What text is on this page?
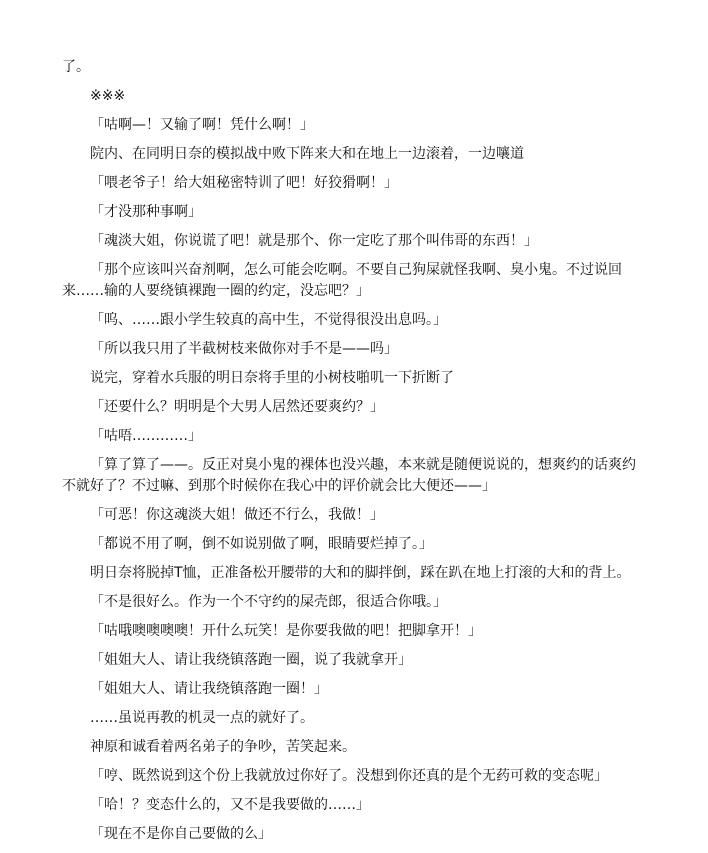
了。

※※※

「咕啊—！又输了啊！凭什么啊！」

院内、在同明日奈的模拟战中败下阵来大和在地上一边滚着，一边嚷道

「喂老爷子！给大姐秘密特训了吧！好狡猾啊！」

「才没那种事啊」

「魂淡大姐，你说谎了吧！就是那个、你一定吃了那个叫伟哥的东西！」

「那个应该叫兴奋剂啊，怎么可能会吃啊。不要自己狗屎就怪我啊、臭小鬼。不过说回来……输的人要绕镇裸跑一圈的约定，没忘吧？」

「呜、……跟小学生较真的高中生，不觉得很没出息吗。」

「所以我只用了半截树枝来做你对手不是——吗」

说完，穿着水兵服的明日奈将手里的小树枝啪叽一下折断了

「还要什么？明明是个大男人居然还要爽约？」

「咕唔…………」

「算了算了——。反正对臭小鬼的裸体也没兴趣，本来就是随便说说的，想爽约的话爽约不就好了？不过嘛、到那个时候你在我心中的评价就会比大便还——」

「可恶！你这魂淡大姐！做还不行么，我做！」

「都说不用了啊，倒不如说别做了啊，眼睛要烂掉了。」

明日奈将脱掉T恤，正准备松开腰带的大和的脚拌倒，踩在趴在地上打滚的大和的背上。

「不是很好么。作为一个不守约的屎壳郎，很适合你哦。」

「咕哦噢噢噢噢！开什么玩笑！是你要我做的吧！把脚拿开！」

「姐姐大人、请让我绕镇落跑一圈，说了我就拿开」

「姐姐大人、请让我绕镇落跑一圈！」

……虽说再教的机灵一点的就好了。

神原和诚看着两名弟子的争吵，苦笑起来。

「哼、既然说到这个份上我就放过你好了。没想到你还真的是个无药可救的变态呢」

「哈！？变态什么的，又不是我要做的……」

「现在不是你自己要做的么」
